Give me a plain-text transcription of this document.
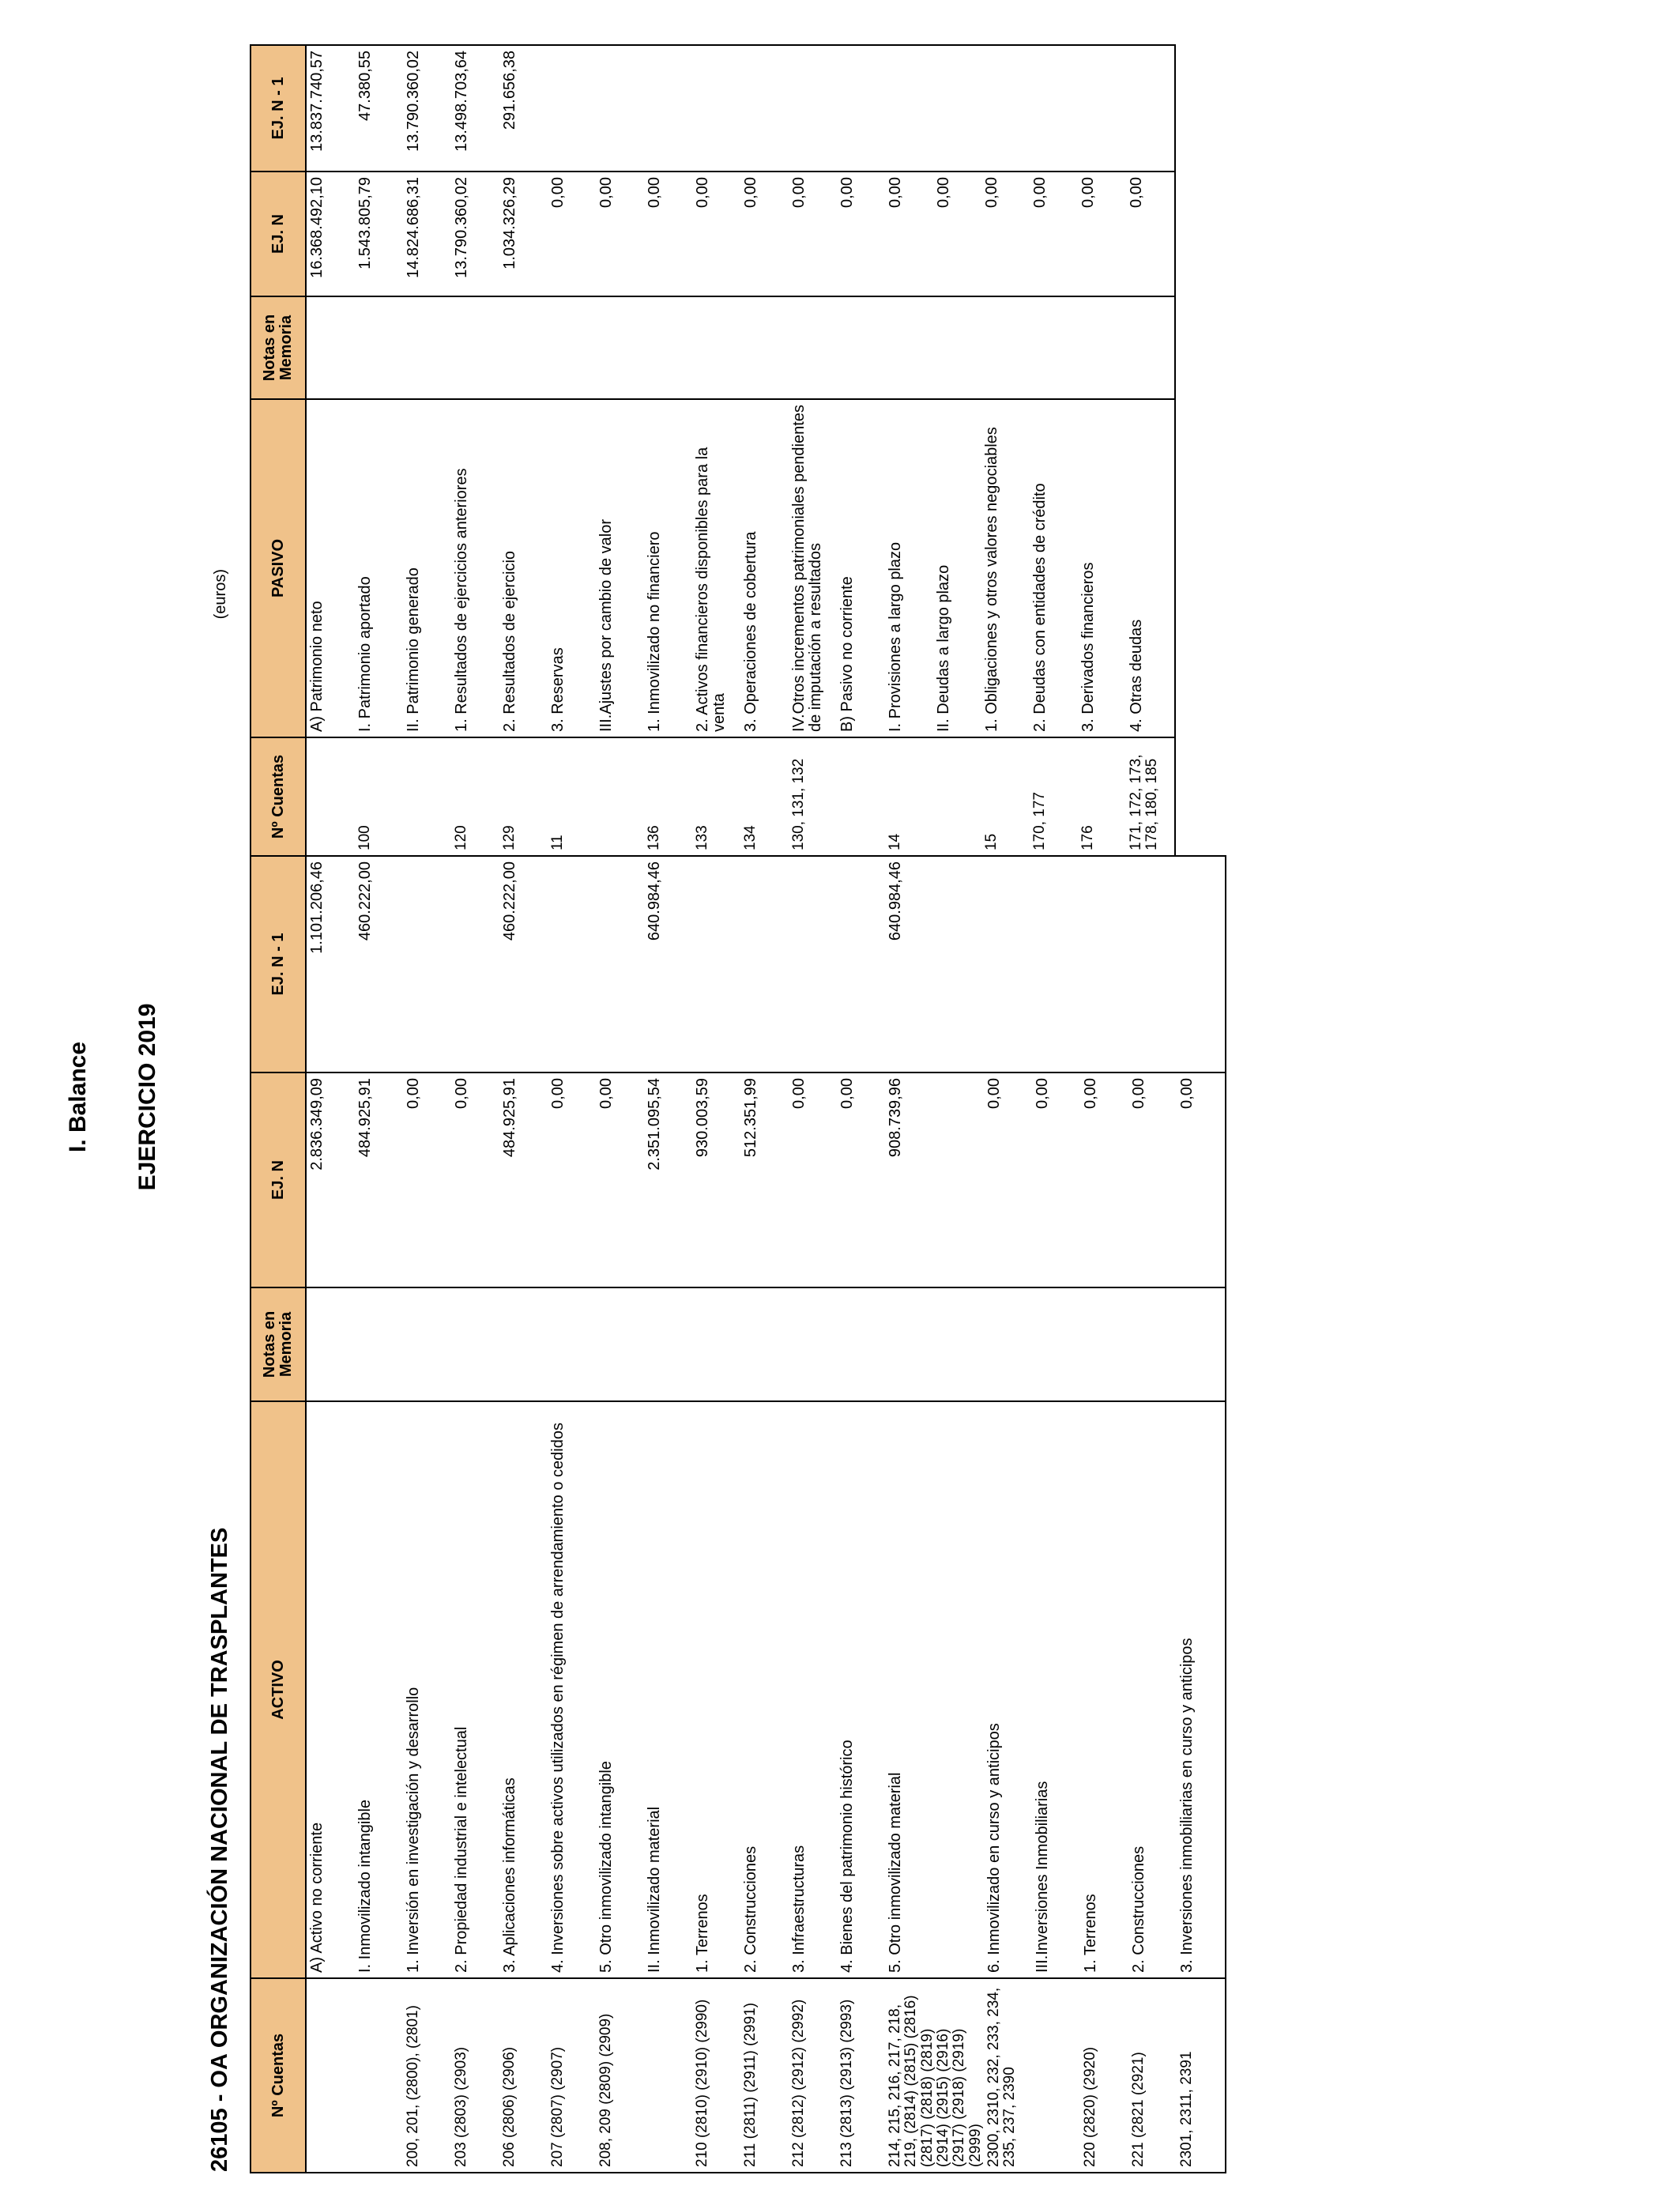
I. Balance EJERCICIO 2019
26105 - OA ORGANIZACIÓN NACIONAL DE TRASPLANTES
(euros)
Nº Cuentas	ACTIVO	Notas en Memoria	EJ. N	EJ. N - 1
	A) Activo no corriente		2.836.349,09	1.101.206,46
	I. Inmovilizado intangible		484.925,91	460.222,00
200, 201, (2800), (2801)	1. Inversión en investigación y desarrollo		0,00	
203 (2803) (2903)	2. Propiedad industrial e intelectual		0,00	
206 (2806) (2906)	3. Aplicaciones informáticas		484.925,91	460.222,00
207 (2807) (2907)	4. Inversiones sobre activos utilizados en régimen de arrendamiento o cedidos		0,00	
208, 209 (2809) (2909)	5. Otro inmovilizado intangible		0,00	
	II. Inmovilizado material		2.351.095,54	640.984,46
210 (2810) (2910) (2990)	1. Terrenos		930.003,59	
211 (2811) (2911) (2991)	2. Construcciones		512.351,99	
212 (2812) (2912) (2992)	3. Infraestructuras		0,00	
213 (2813) (2913) (2993)	4. Bienes del patrimonio histórico		0,00	
214, 215, 216, 217, 218, 219, (2814) (2815) (2816) (2817) (2818) (2819) (2914) (2915) (2916) (2917) (2918) (2919) (2999)	5. Otro inmovilizado material		908.739,96	640.984,46
2300, 2310, 232, 233, 234, 235, 237, 2390	6. Inmovilizado en curso y anticipos		0,00	
	III.Inversiones Inmobiliarias		0,00	
220 (2820) (2920)	1. Terrenos		0,00	
221 (2821 (2921)	2. Construcciones		0,00	
2301, 2311, 2391	3. Inversiones inmobiliarias en curso y anticipos		0,00	
Nº Cuentas	PASIVO	Notas en Memoria	EJ. N	EJ. N - 1
	A) Patrimonio neto		16.368.492,10	13.837.740,57
100	I. Patrimonio aportado		1.543.805,79	47.380,55
	II. Patrimonio generado		14.824.686,31	13.790.360,02
120	1. Resultados de ejercicios anteriores		13.790.360,02	13.498.703,64
129	2. Resultados de ejercicio		1.034.326,29	291.656,38
11	3. Reservas		0,00	
	III.Ajustes por cambio de valor		0,00	
136	1. Inmovilizado no financiero		0,00	
133	2. Activos financieros disponibles para la venta		0,00	
134	3. Operaciones de cobertura		0,00	
130, 131, 132	IV.Otros incrementos patrimoniales pendientes de imputación a resultados		0,00	
	B) Pasivo no corriente		0,00	
14	I. Provisiones a largo plazo		0,00	
	II. Deudas a largo plazo		0,00	
15	1. Obligaciones y otros valores negociables		0,00	
170, 177	2. Deudas con entidades de crédito		0,00	
176	3. Derivados financieros		0,00	
171, 172, 173, 178, 180, 185	4. Otras deudas		0,00	
